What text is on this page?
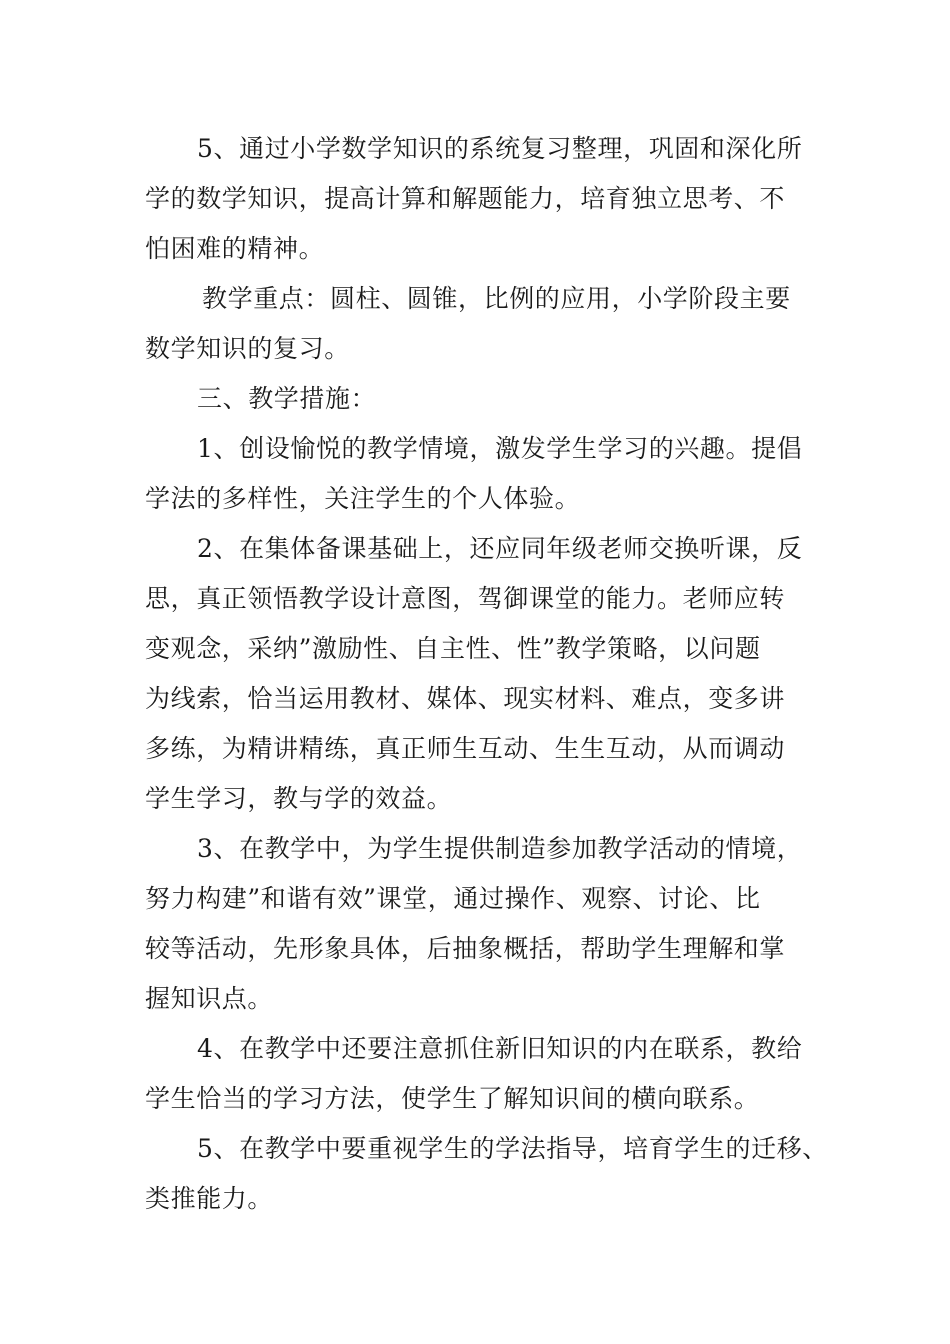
5、通过小学数学知识的系统复习整理，巩固和深化所
学的数学知识，提高计算和解题能力，培育独立思考、不
怕困难的精神。
教学重点：圆柱、圆锥，比例的应用，小学阶段主要
数学知识的复习。
三、教学措施：
1、创设愉悦的教学情境，激发学生学习的兴趣。提倡
学法的多样性，关注学生的个人体验。
2、在集体备课基础上，还应同年级老师交换听课，反
思，真正领悟教学设计意图，驾御课堂的能力。老师应转
变观念，采纳”激励性、自主性、性”教学策略，以问题
为线索，恰当运用教材、媒体、现实材料、难点，变多讲
多练，为精讲精练，真正师生互动、生生互动，从而调动
学生学习，教与学的效益。
3、在教学中，为学生提供制造参加教学活动的情境，
努力构建”和谐有效”课堂，通过操作、观察、讨论、比
较等活动，先形象具体，后抽象概括，帮助学生理解和掌
握知识点。
4、在教学中还要注意抓住新旧知识的内在联系，教给
学生恰当的学习方法，使学生了解知识间的横向联系。
5、在教学中要重视学生的学法指导，培育学生的迁移、
类推能力。
